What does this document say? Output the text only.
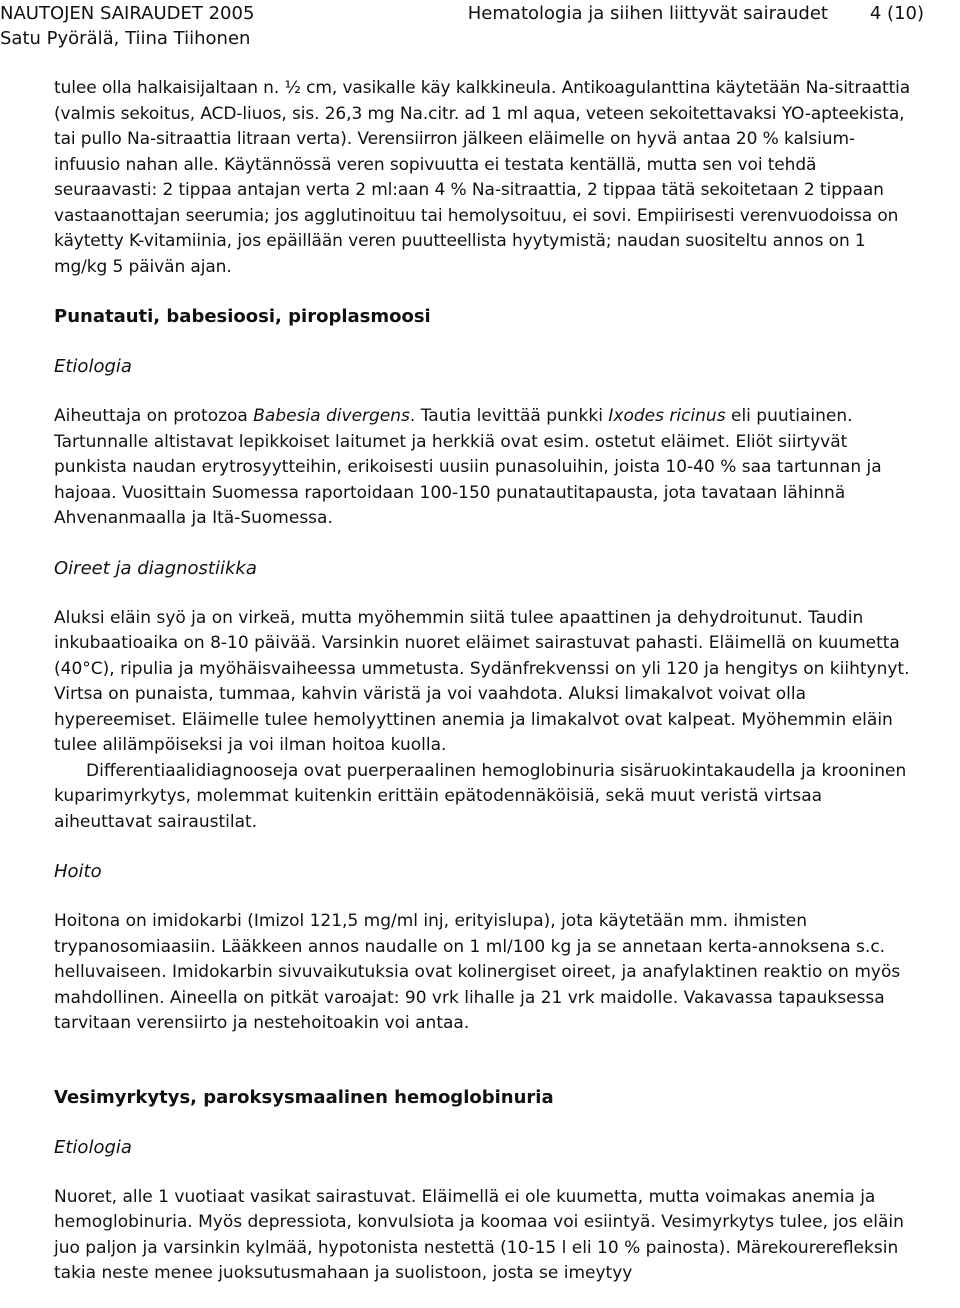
NAUTOJEN SAIRAUDET 2005
Satu Pyörälä, Tiina Tiihonen
Hematologia ja siihen liittyvät sairaudet 4 (10)

tulee olla halkaisijaltaan n. ½ cm, vasikalle käy kalkkineula. Antikoagulanttina käytetään Na-sitraattia (valmis sekoitus, ACD-liuos, sis. 26,3 mg Na.citr. ad 1 ml aqua, veteen sekoitettavaksi YO-apteekista, tai pullo Na-sitraattia litraan verta). Verensiirron jälkeen eläimelle on hyvä antaa 20 % kalsium-infuusio nahan alle. Käytännössä veren sopivuutta ei testata kentällä, mutta sen voi tehdä seuraavasti: 2 tippaa antajan verta 2 ml:aan 4 % Na-sitraattia, 2 tippaa tätä sekoitetaan 2 tippaan vastaanottajan seerumia; jos agglutinoituu tai hemolysoituu, ei sovi. Empiirisesti verenvuodoissa on käytetty K-vitamiinia, jos epäillään veren puutteellista hyytymistä; naudan suositeltu annos on 1 mg/kg 5 päivän ajan.

Punatauti, babesioosi, piroplasmoosi
Etiologia

Aiheuttaja on protozoa Babesia divergens. Tautia levittää punkki Ixodes ricinus eli puutiainen. Tartunnalle altistavat lepikkoiset laitumet ja herkkiä ovat esim. ostetut eläimet. Eliöt siirtyvät punkista naudan erytrosyytteihin, erikoisesti uusiin punasoluihin, joista 10-40 % saa tartunnan ja hajoaa. Vuosittain Suomessa raportoidaan 100-150 punatautitapausta, jota tavataan lähinnä Ahvenanmaalla ja Itä-Suomessa.

Oireet ja diagnostiikka

Aluksi eläin syö ja on virkeä, mutta myöhemmin siitä tulee apaattinen ja dehydroitunut. Taudin inkubaatioaika on 8-10 päivää. Varsinkin nuoret eläimet sairastuvat pahasti. Eläimellä on kuumetta (40°C), ripulia ja myöhäisvaiheessa ummetusta. Sydänfrekvenssi on yli 120 ja hengitys on kiihtynyt. Virtsa on punaista, tummaa, kahvin väristä ja voi vaahdota. Aluksi limakalvot voivat olla hypereemiset. Eläimelle tulee hemolyyttinen anemia ja limakalvot ovat kalpeat. Myöhemmin eläin tulee alilämpöiseksi ja voi ilman hoitoa kuolla.

Differentiaalidiagnooseja ovat puerperaalinen hemoglobinuria sisäruokintakaudella ja krooninen kuparimyrkytys, molemmat kuitenkin erittäin epätodennäköisiä, sekä muut veristä virtsaa aiheuttavat sairaustilat.

Hoito

Hoitona on imidokarbi (Imizol 121,5 mg/ml inj, erityislupa), jota käytetään mm. ihmisten trypanosomiaasiin. Lääkkeen annos naudalle on 1 ml/100 kg ja se annetaan kerta-annoksena s.c. helluvaiseen. Imidokarbin sivuvaikutuksia ovat kolinergiset oireet, ja anafylaktinen reaktio on myös mahdollinen. Aineella on pitkät varoajat: 90 vrk lihalle ja 21 vrk maidolle. Vakavassa tapauksessa tarvitaan verensiirto ja nestehoitoakin voi antaa.

Vesimyrkytys, paroksysmaalinen hemoglobinuria
Etiologia

Nuoret, alle 1 vuotiaat vasikat sairastuvat. Eläimellä ei ole kuumetta, mutta voimakas anemia ja hemoglobinuria. Myös depressiota, konvulsiota ja koomaa voi esiintyä. Vesimyrkytys tulee, jos eläin juo paljon ja varsinkin kylmää, hypotonista nestettä (10-15 l eli 10 % painosta). Märekourerefleksin takia neste menee juoksutusmahaan ja suolistoon, josta se imeytyy
